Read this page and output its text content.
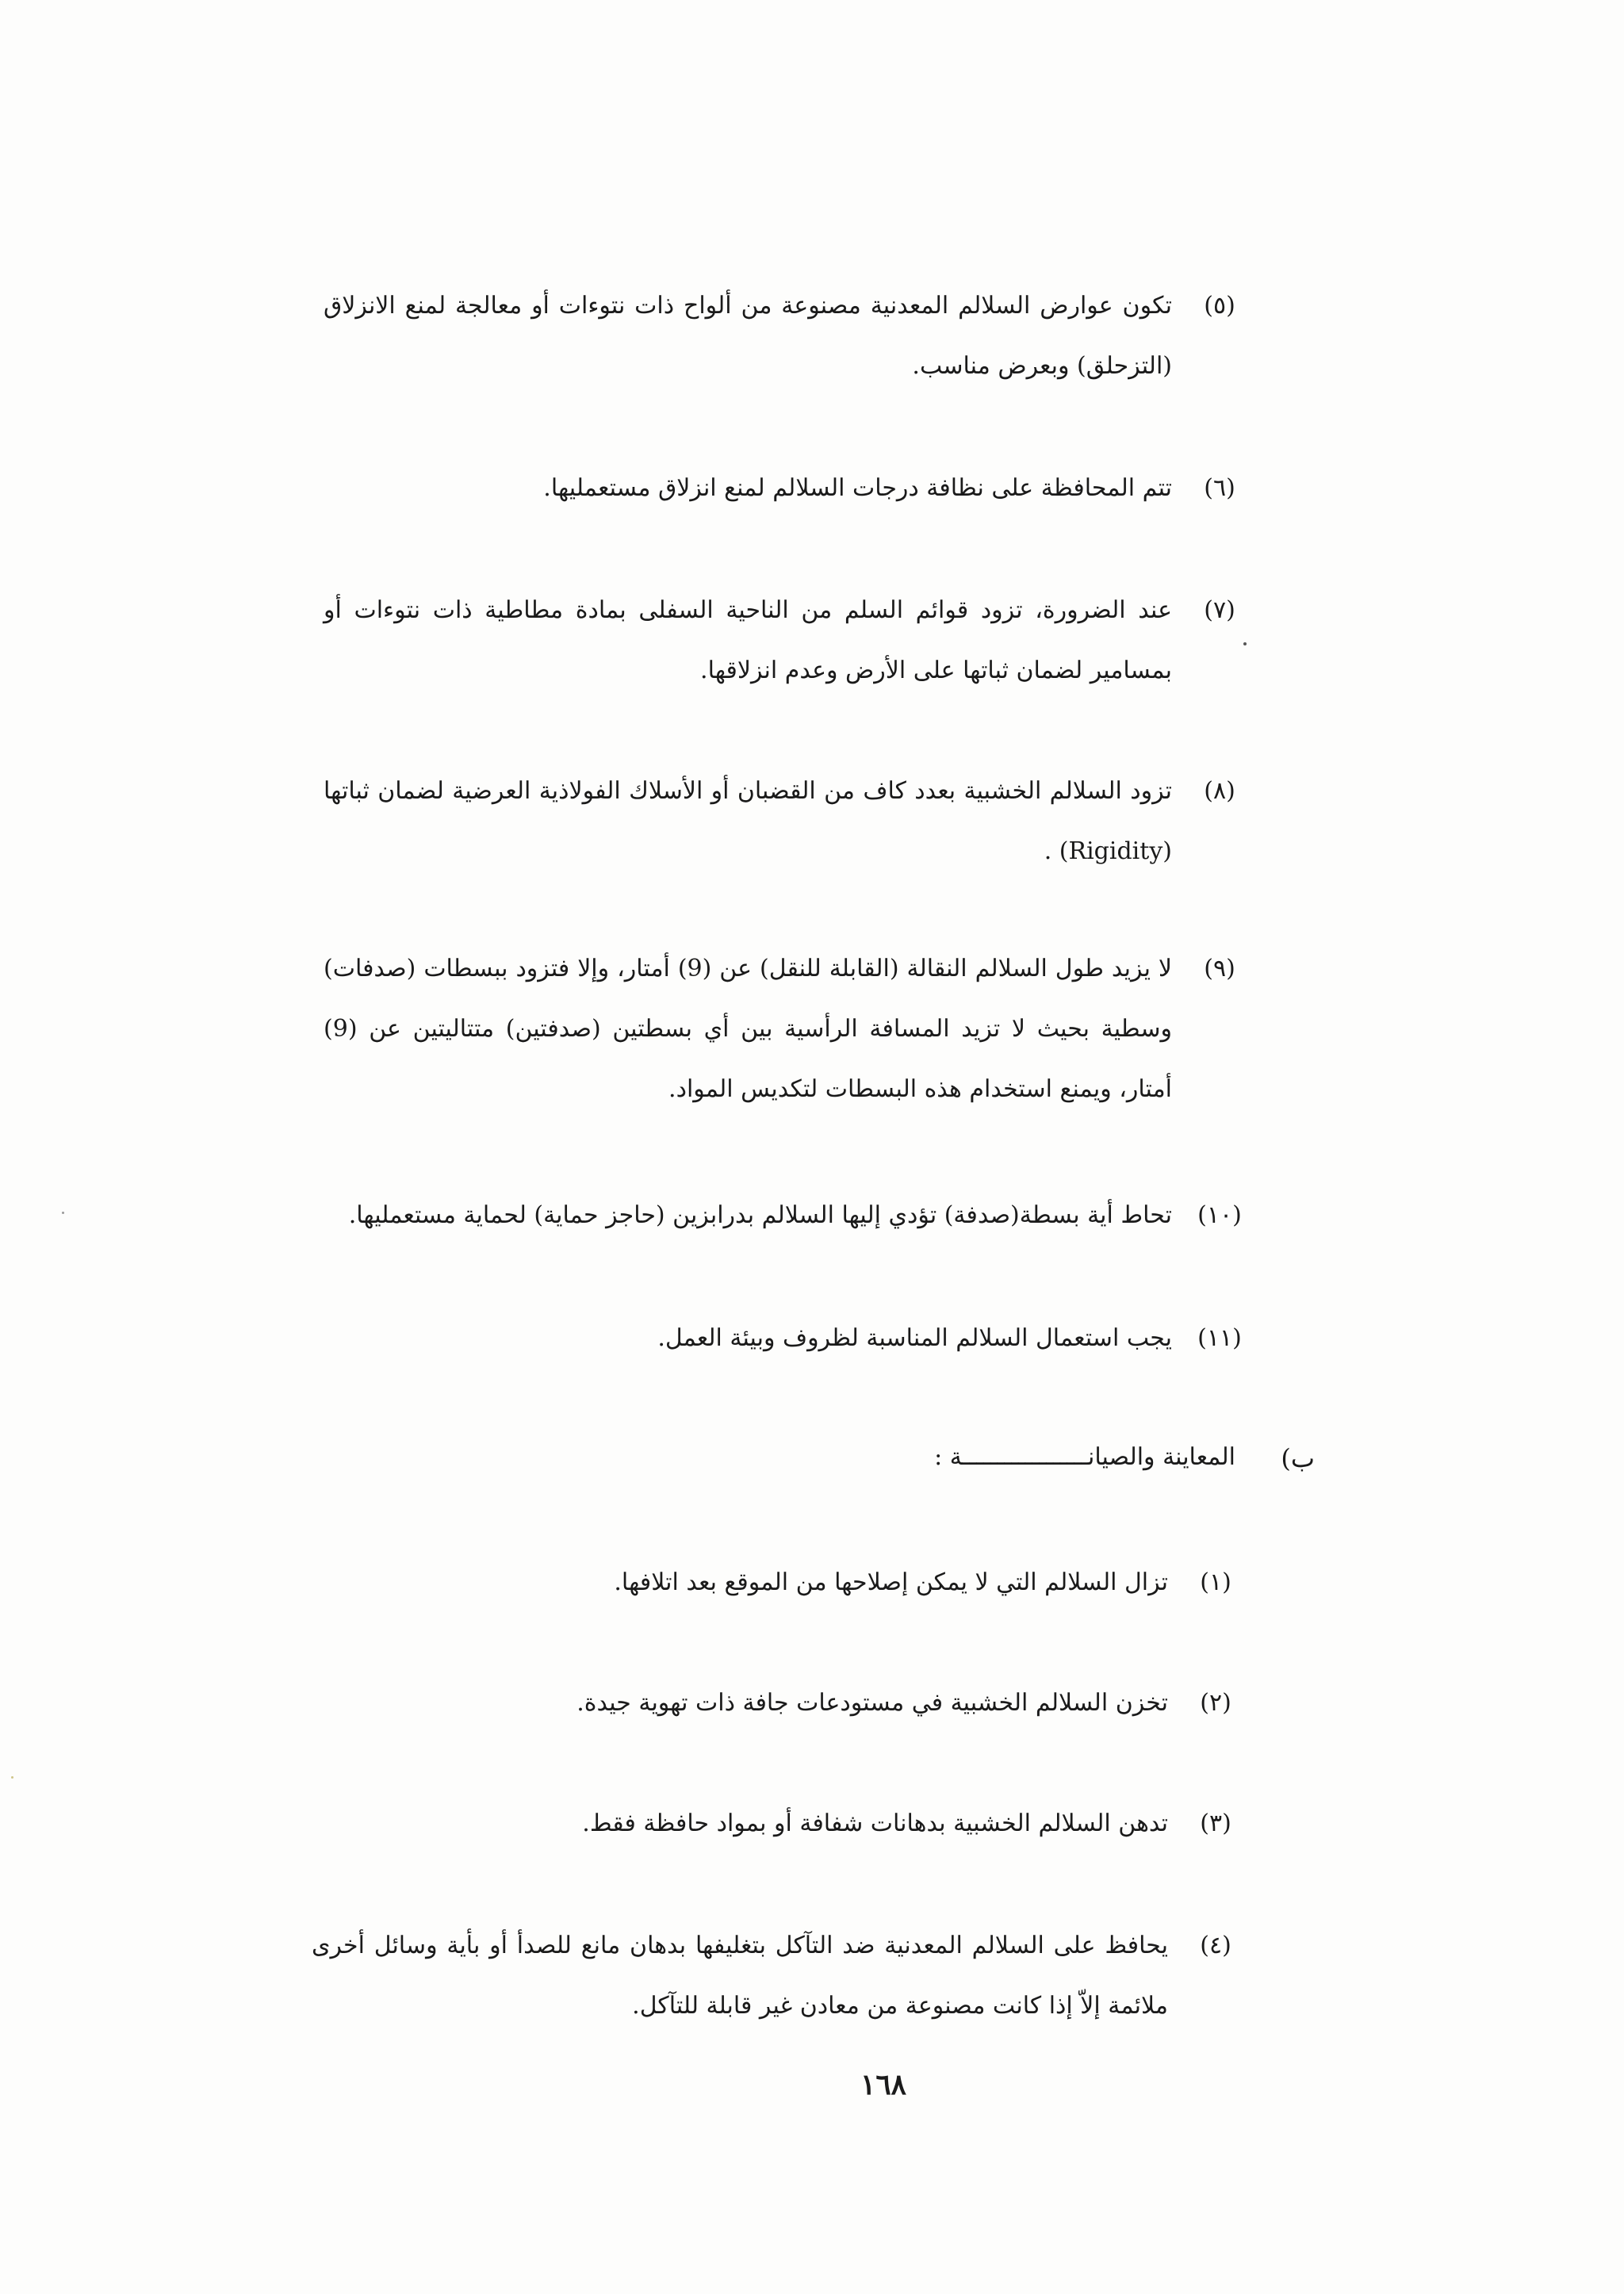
(٥)
تكون عوارض السلالم المعدنية مصنوعة من ألواح ذات نتوءات أو معالجة لمنع الانزلاق (التزحلق) وبعرض مناسب.
(٦)
تتم المحافظة على نظافة درجات السلالم لمنع انزلاق مستعمليها.
(٧)
عند الضرورة، تزود قوائم السلم من الناحية السفلى بمادة مطاطية ذات نتوءات أو بمسامير لضمان ثباتها على الأرض وعدم انزلاقها.
(٨)
تزود السلالم الخشبية بعدد كاف من القضبان أو الأسلاك الفولاذية العرضية لضمان ثباتها (Rigidity) .
(٩)
لا يزيد طول السلالم النقالة (القابلة للنقل) عن (9) أمتار، وإلا فتزود ببسطات (صدفات) وسطية بحيث لا تزيد المسافة الرأسية بين أي بسطتين (صدفتين) متتاليتين عن (9) أمتار، ويمنع استخدام هذه البسطات لتكديس المواد.
(١٠)
تحاط أية بسطة(صدفة) تؤدي إليها السلالم بدرابزين (حاجز حماية) لحماية مستعمليها.
(١١)
يجب استعمال السلالم المناسبة لظروف وبيئة العمل.
ب)
المعاينة والصيانــــــــــــــــــة :
(١)
تزال السلالم التي لا يمكن إصلاحها من الموقع بعد اتلافها.
(٢)
تخزن السلالم الخشبية في مستودعات جافة ذات تهوية جيدة.
(٣)
تدهن السلالم الخشبية بدهانات شفافة أو بمواد حافظة فقط.
(٤)
يحافظ على السلالم المعدنية ضد التآكل بتغليفها بدهان مانع للصدأ أو بأية وسائل أخرى ملائمة إلاّ إذا كانت مصنوعة من معادن غير قابلة للتآكل.
١٦٨
